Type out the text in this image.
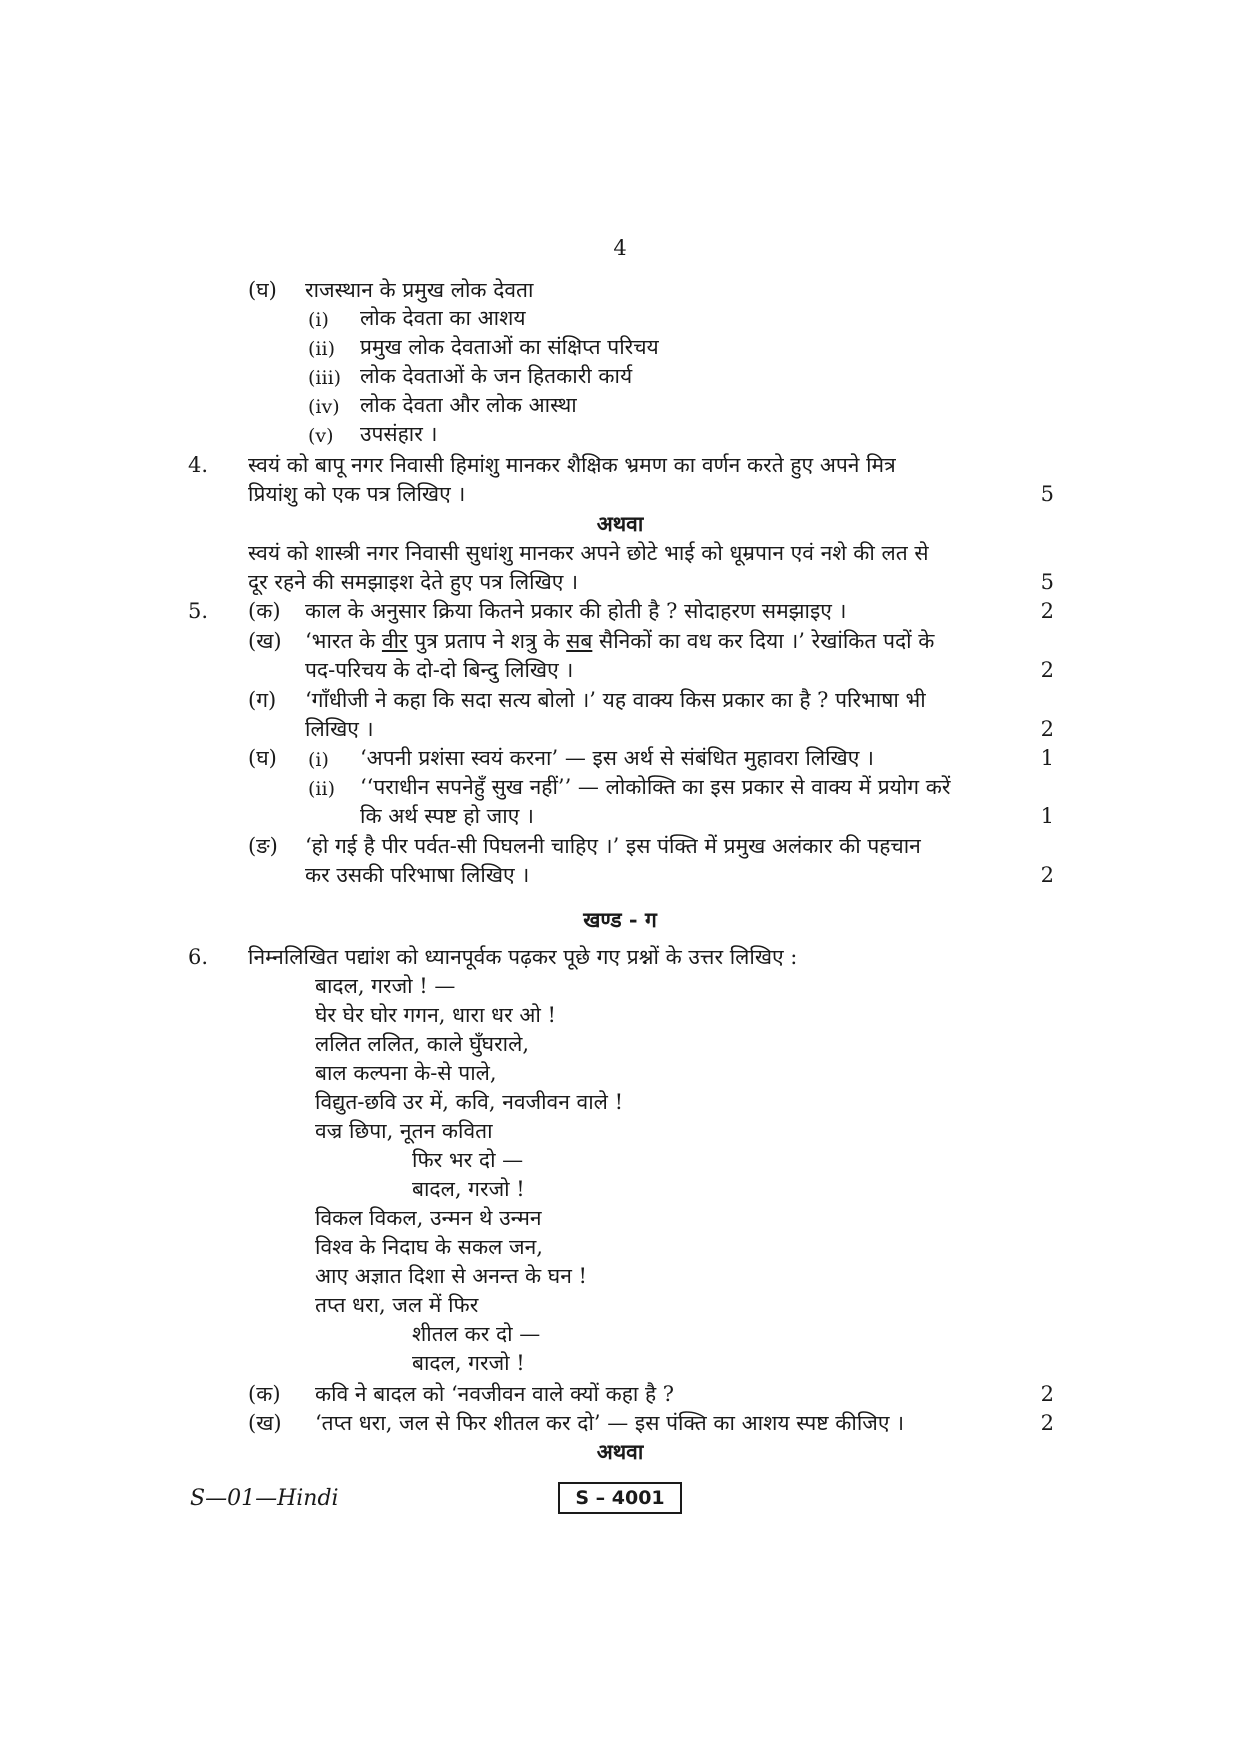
4
(घ) राजस्थान के प्रमुख लोक देवता
(i) लोक देवता का आशय
(ii) प्रमुख लोक देवताओं का संक्षिप्त परिचय
(iii) लोक देवताओं के जन हितकारी कार्य
(iv) लोक देवता और लोक आस्था
(v) उपसंहार ।
4. स्वयं को बापू नगर निवासी हिमांशु मानकर शैक्षिक भ्रमण का वर्णन करते हुए अपने मित्र
प्रियांशु को एक पत्र लिखिए ।	5
अथवा
स्वयं को शास्त्री नगर निवासी सुधांशु मानकर अपने छोटे भाई को धूम्रपान एवं नशे की लत से
दूर रहने की समझाइश देते हुए पत्र लिखिए ।	5
5. (क) काल के अनुसार क्रिया कितने प्रकार की होती है ? सोदाहरण समझाइए ।	2
(ख) ‘भारत के वीर पुत्र प्रताप ने शत्रु के सब सैनिकों का वध कर दिया ।’ रेखांकित पदों के
पद-परिचय के दो-दो बिन्दु लिखिए ।	2
(ग) ‘गाँधीजी ने कहा कि सदा सत्य बोलो ।’ यह वाक्य किस प्रकार का है ? परिभाषा भी
लिखिए ।	2
(घ) (i) ‘अपनी प्रशंसा स्वयं करना’ — इस अर्थ से संबंधित मुहावरा लिखिए ।	1
(ii) ‘‘पराधीन सपनेहुँ सुख नहीं’’ — लोकोक्ति का इस प्रकार से वाक्य में प्रयोग करें
कि अर्थ स्पष्ट हो जाए ।	1
(ङ) ‘हो गई है पीर पर्वत-सी पिघलनी चाहिए ।’ इस पंक्ति में प्रमुख अलंकार की पहचान
कर उसकी परिभाषा लिखिए ।	2
खण्ड - ग
6. निम्नलिखित पद्यांश को ध्यानपूर्वक पढ़कर पूछे गए प्रश्नों के उत्तर लिखिए :
बादल, गरजो ! —
घेर घेर घोर गगन, धारा धर ओ !
ललित ललित, काले घुँघराले,
बाल कल्पना के-से पाले,
विद्युत-छवि उर में, कवि, नवजीवन वाले !
वज्र छिपा, नूतन कविता
फिर भर दो —
बादल, गरजो !
विकल विकल, उन्मन थे उन्मन
विश्व के निदाघ के सकल जन,
आए अज्ञात दिशा से अनन्त के घन !
तप्त धरा, जल में फिर
शीतल कर दो —
बादल, गरजो !
(क) कवि ने बादल को ‘नवजीवन वाले क्यों कहा है ?	2
(ख) ‘तप्त धरा, जल से फिर शीतल कर दो’ — इस पंक्ति का आशय स्पष्ट कीजिए ।	2
अथवा
S—01—Hindi	S – 4001
